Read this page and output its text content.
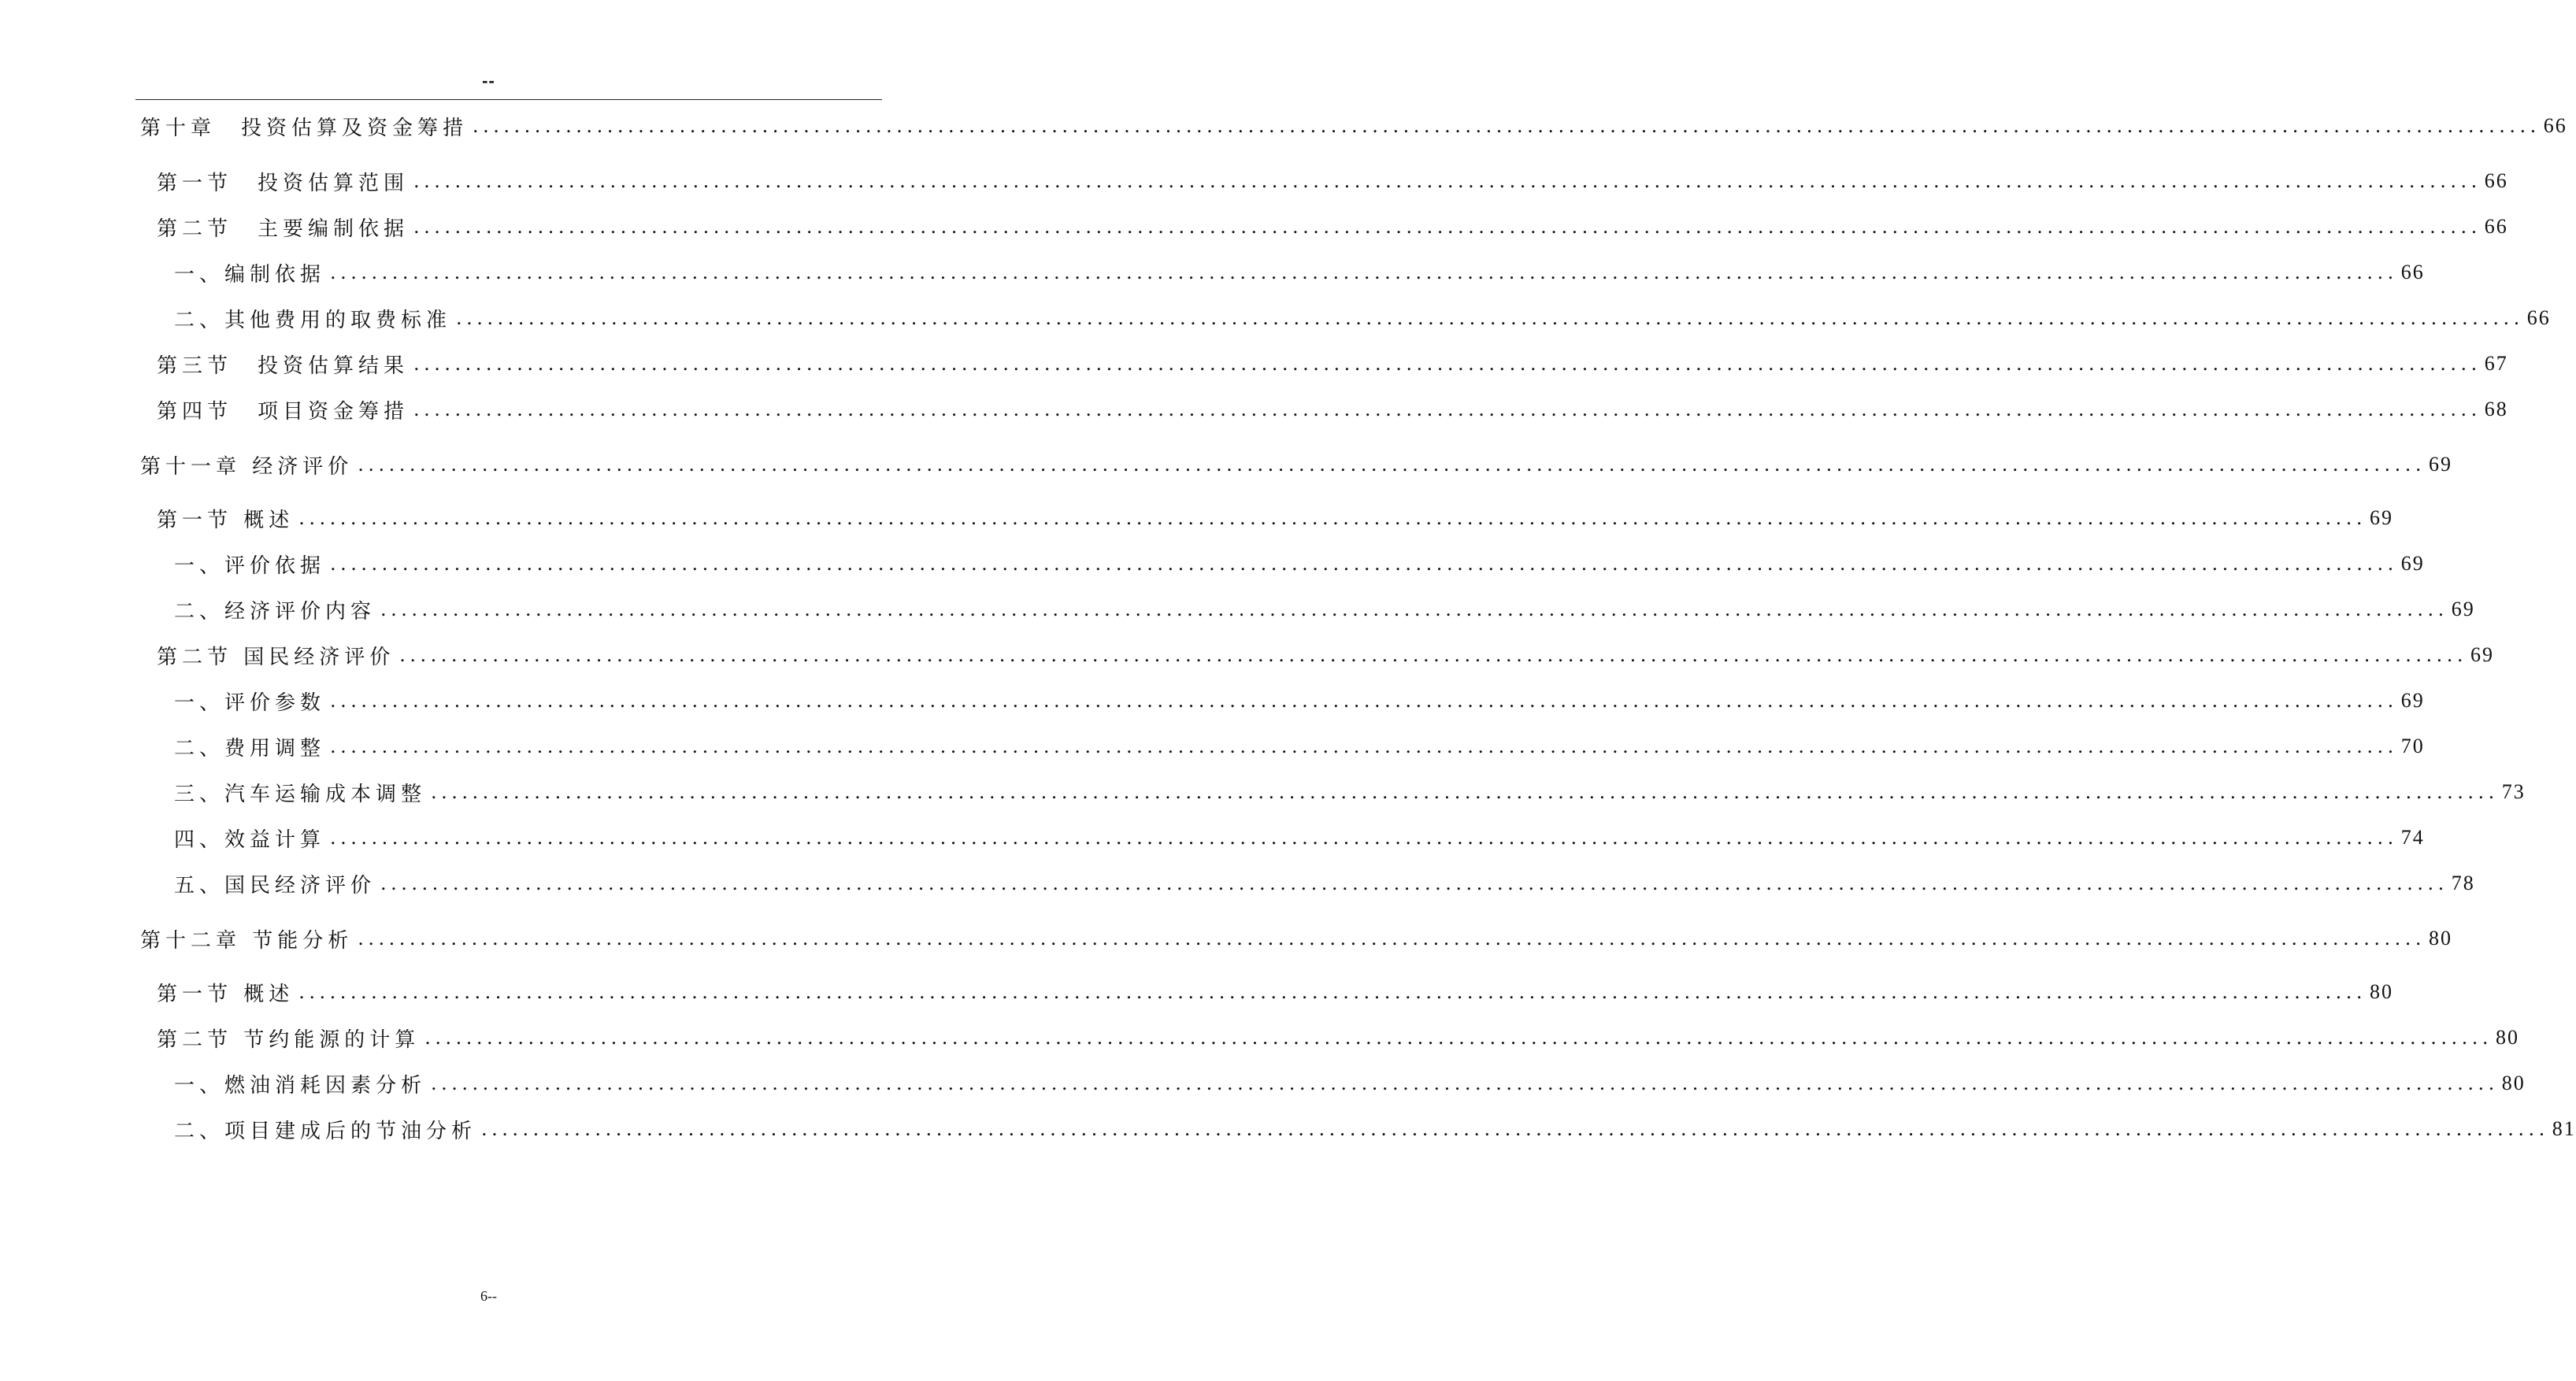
--
第十章　投资估算及资金筹措 ........................................................................................................................................................................................................ 66
第一节　投资估算范围 ........................................................................................................................................................................................................ 66
第二节　主要编制依据 ........................................................................................................................................................................................................ 66
一、编制依据 ........................................................................................................................................................................................................ 66
二、其他费用的取费标准 ........................................................................................................................................................................................................ 66
第三节　投资估算结果 ........................................................................................................................................................................................................ 67
第四节　项目资金筹措 ........................................................................................................................................................................................................ 68
第十一章 经济评价 ........................................................................................................................................................................................................ 69
第一节 概述 ........................................................................................................................................................................................................ 69
一、评价依据 ........................................................................................................................................................................................................ 69
二、经济评价内容 ........................................................................................................................................................................................................ 69
第二节 国民经济评价 ........................................................................................................................................................................................................ 69
一、评价参数 ........................................................................................................................................................................................................ 69
二、费用调整 ........................................................................................................................................................................................................ 70
三、汽车运输成本调整 ........................................................................................................................................................................................................ 73
四、效益计算 ........................................................................................................................................................................................................ 74
五、国民经济评价 ........................................................................................................................................................................................................ 78
第十二章 节能分析 ........................................................................................................................................................................................................ 80
第一节 概述 ........................................................................................................................................................................................................ 80
第二节 节约能源的计算 ........................................................................................................................................................................................................ 80
一、燃油消耗因素分析 ........................................................................................................................................................................................................ 80
二、项目建成后的节油分析 ........................................................................................................................................................................................................ 81
6--
